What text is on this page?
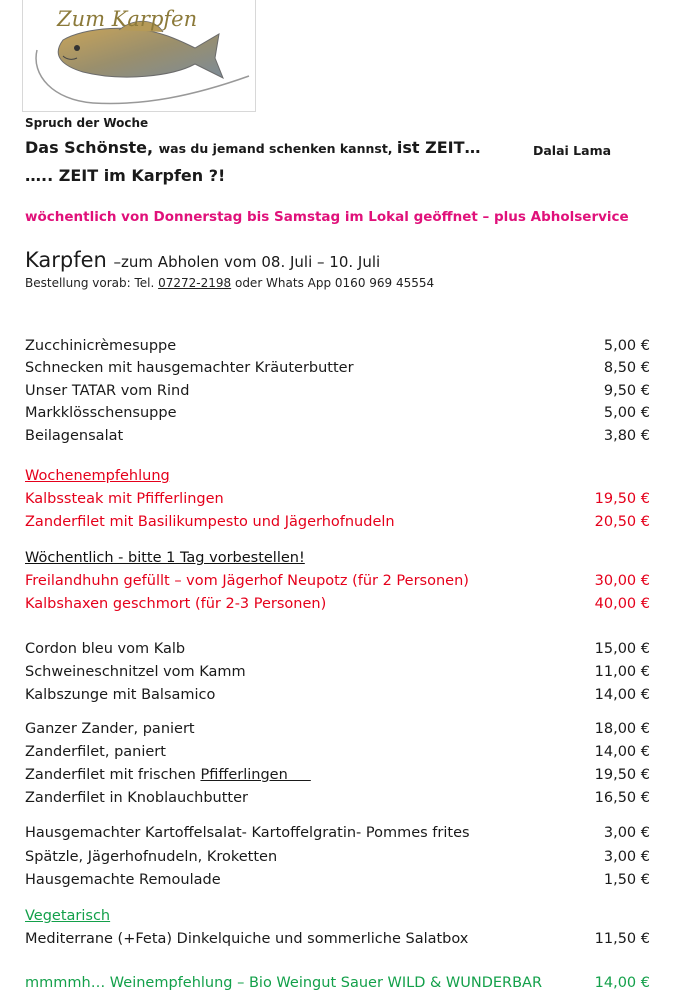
Zum Karpfen
Spruch der Woche
Das Schönste, was du jemand schenken kannst, ist ZEIT…	Dalai Lama
….. ZEIT im Karpfen ?!
wöchentlich von Donnerstag bis Samstag im Lokal geöffnet – plus Abholservice
Karpfen –zum Abholen vom 08. Juli – 10. Juli
Bestellung vorab: Tel. 07272-2198 oder Whats App 0160 969 45554
Zucchinicrèmesuppe	5,00 €
Schnecken mit hausgemachter Kräuterbutter	8,50 €
Unser TATAR vom Rind	9,50 €
Markklösschensuppe	5,00 €
Beilagensalat	3,80 €
Wochenempfehlung
Kalbssteak mit Pfifferlingen	19,50 €
Zanderfilet mit Basilikumpesto und Jägerhofnudeln	20,50 €
Wöchentlich - bitte 1 Tag vorbestellen!
Freilandhuhn gefüllt – vom Jägerhof Neupotz (für 2 Personen)	30,00 €
Kalbshaxen geschmort (für 2-3 Personen)	40,00 €
Cordon bleu vom Kalb	15,00 €
Schweineschnitzel vom Kamm	11,00 €
Kalbszunge mit Balsamico	14,00 €
Ganzer Zander, paniert	18,00 €
Zanderfilet, paniert	14,00 €
Zanderfilet mit frischen Pfifferlingen	19,50 €
Zanderfilet in Knoblauchbutter	16,50 €
Hausgemachter Kartoffelsalat- Kartoffelgratin- Pommes frites	3,00 €
Spätzle, Jägerhofnudeln, Kroketten	3,00 €
Hausgemachte Remoulade	1,50 €
Vegetarisch
Mediterrane (+Feta) Dinkelquiche und sommerliche Salatbox	11,50 €
mmmmh… Weinempfehlung – Bio Weingut Sauer WILD & WUNDERBAR	14,00 €
